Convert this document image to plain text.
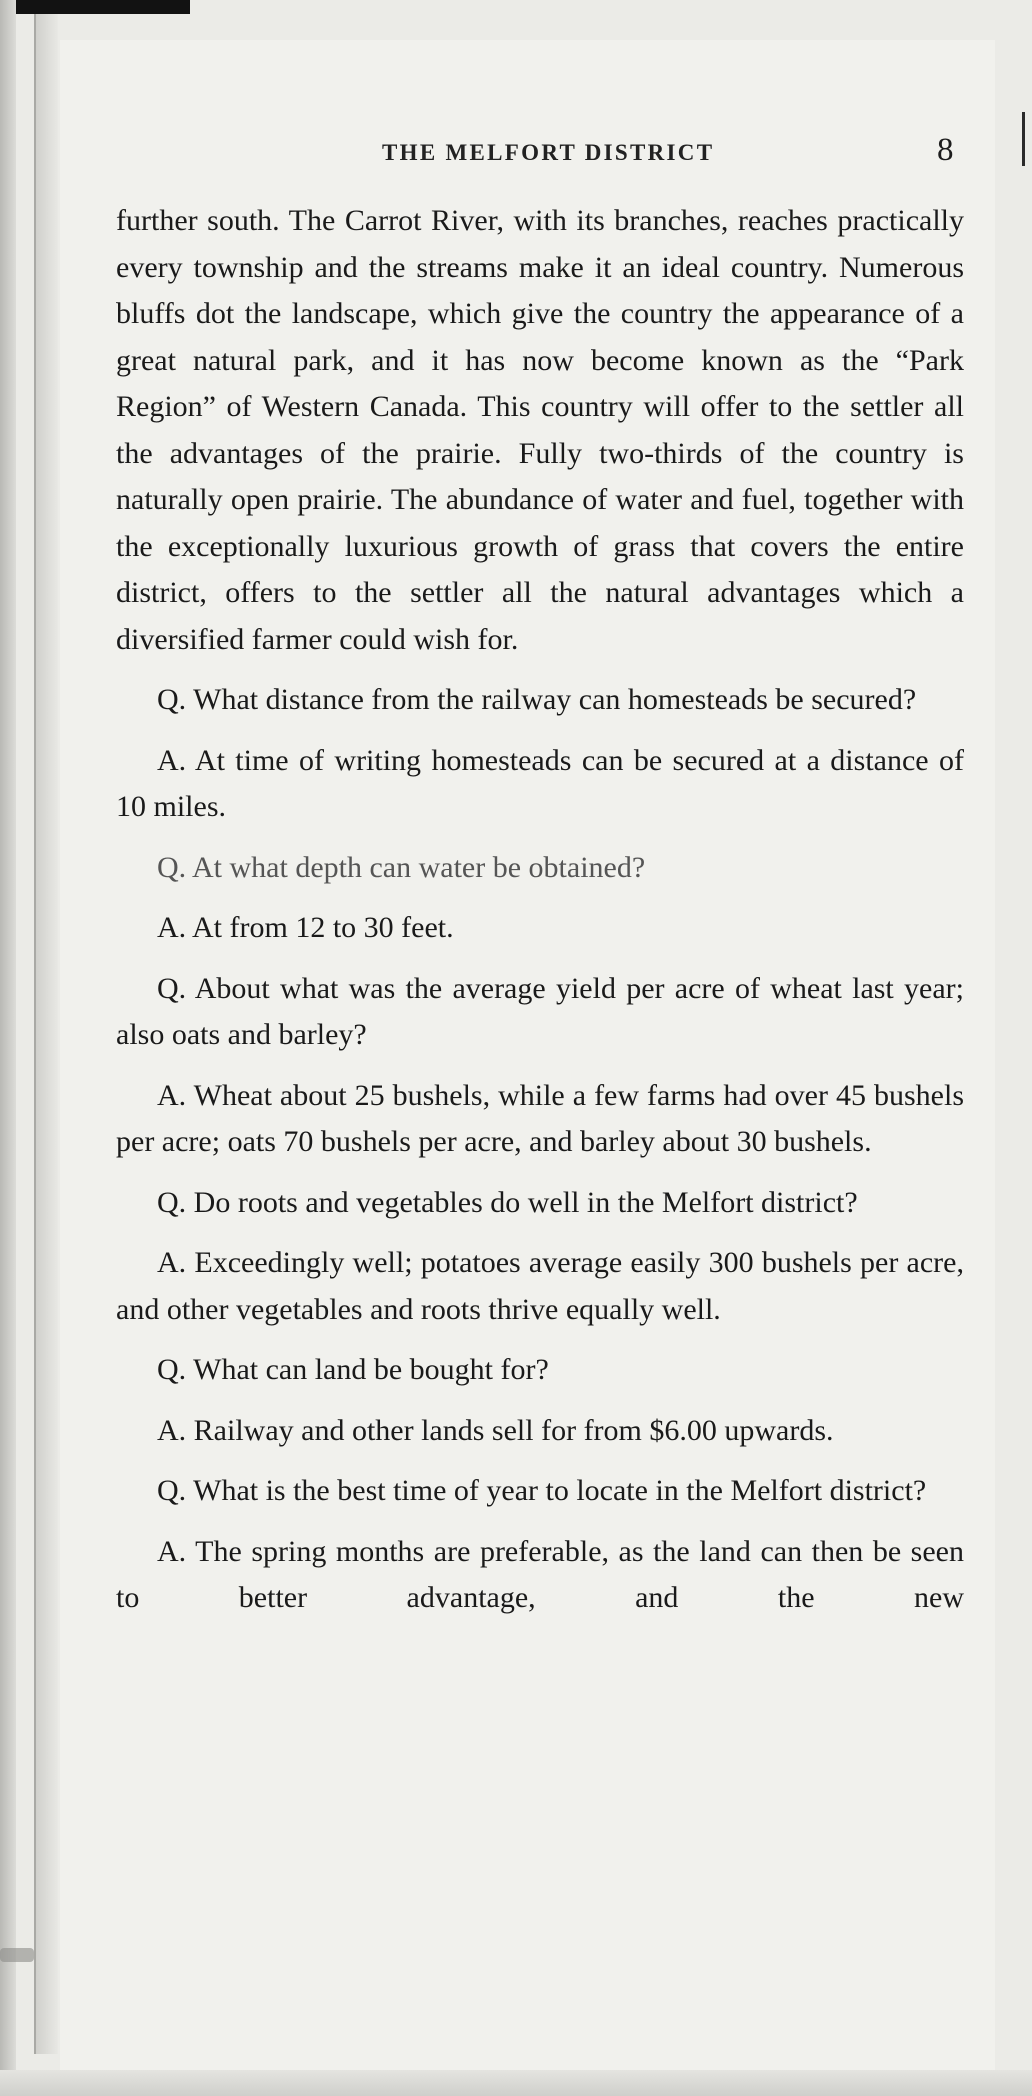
THE MELFORT DISTRICT	8

further south. The Carrot River, with its branches, reaches practically every township and the streams make it an ideal country. Numerous bluffs dot the landscape, which give the country the appearance of a great natural park, and it has now become known as the “Park Region” of Western Canada. This country will offer to the settler all the advantages of the prairie. Fully two-thirds of the country is naturally open prairie. The abundance of water and fuel, together with the exceptionally luxurious growth of grass that covers the entire district, offers to the settler all the natural advantages which a diversified farmer could wish for.

Q. What distance from the railway can homesteads be secured?

A. At time of writing homesteads can be secured at a distance of 10 miles.

Q. At what depth can water be obtained?

A. At from 12 to 30 feet.

Q. About what was the average yield per acre of wheat last year; also oats and barley?

A. Wheat about 25 bushels, while a few farms had over 45 bushels per acre; oats 70 bushels per acre, and barley about 30 bushels.

Q. Do roots and vegetables do well in the Melfort district?

A. Exceedingly well; potatoes average easily 300 bushels per acre, and other vegetables and roots thrive equally well.

Q. What can land be bought for?

A. Railway and other lands sell for from $6.00 upwards.

Q. What is the best time of year to locate in the Melfort district?

A. The spring months are preferable, as the land can then be seen to better advantage, and the new
